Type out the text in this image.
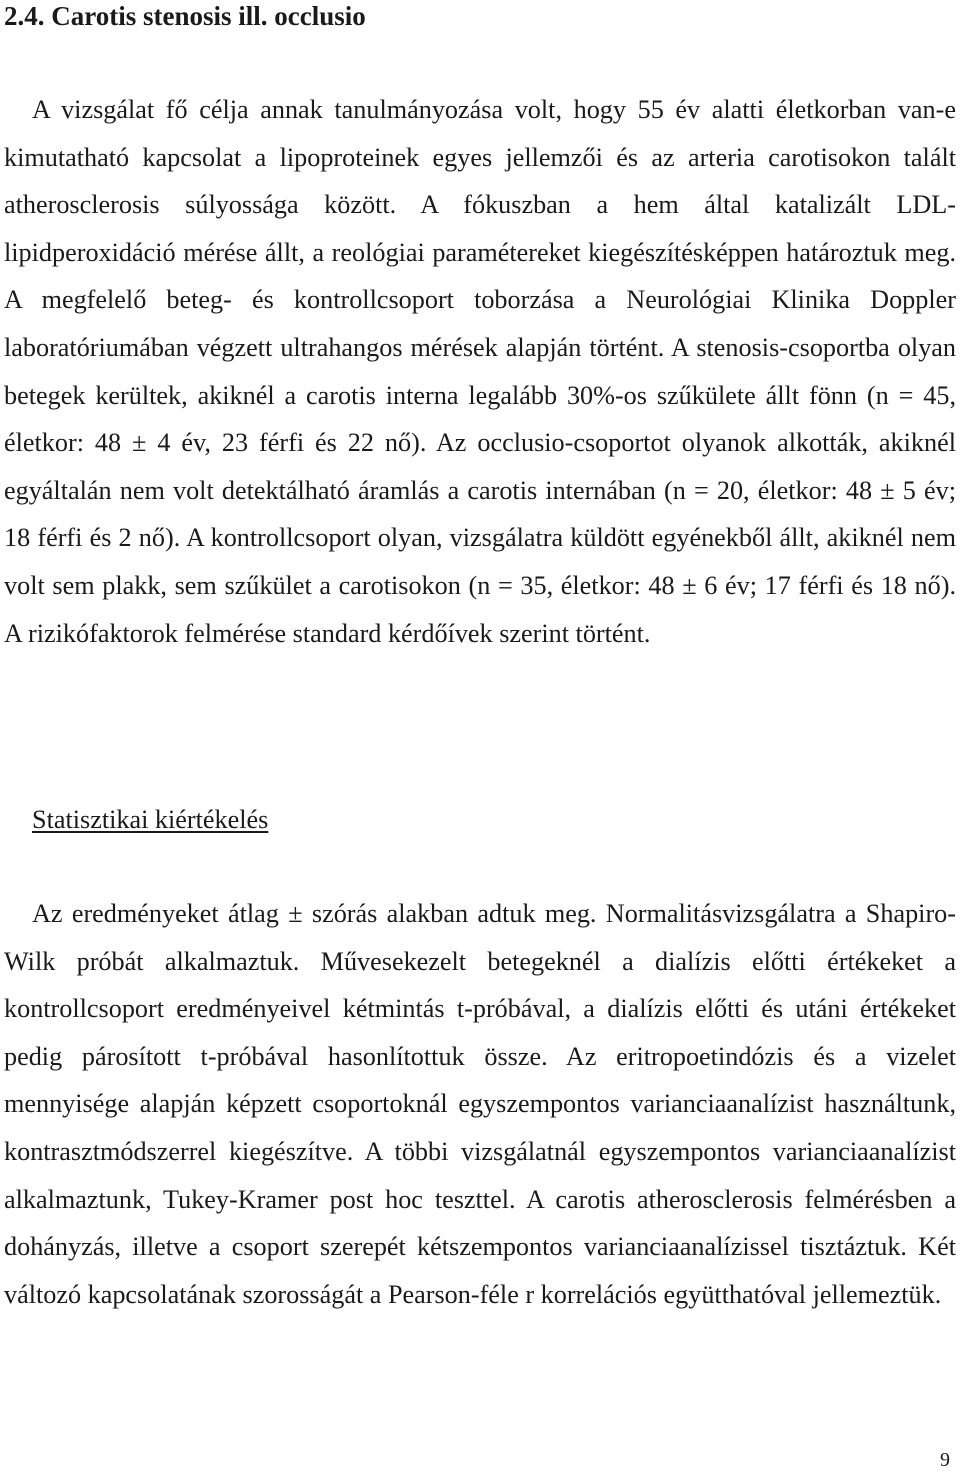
2.4. Carotis stenosis ill. occlusio

A vizsgálat fő célja annak tanulmányozása volt, hogy 55 év alatti életkorban van-e kimutatható kapcsolat a lipoproteinek egyes jellemzői és az arteria carotisokon talált atherosclerosis súlyossága között. A fókuszban a hem által katalizált LDL-lipidperoxidáció mérése állt, a reológiai paramétereket kiegészítésképpen határoztuk meg. A megfelelő beteg- és kontrollcsoport toborzása a Neurológiai Klinika Doppler laboratóriumában végzett ultrahangos mérések alapján történt. A stenosis-csoportba olyan betegek kerültek, akiknél a carotis interna legalább 30%-os szűkülete állt fönn (n = 45, életkor: 48 ± 4 év, 23 férfi és 22 nő). Az occlusio-csoportot olyanok alkották, akiknél egyáltalán nem volt detektálható áramlás a carotis internában (n = 20, életkor: 48 ± 5 év; 18 férfi és 2 nő). A kontrollcsoport olyan, vizsgálatra küldött egyénekből állt, akiknél nem volt sem plakk, sem szűkület a carotisokon (n = 35, életkor: 48 ± 6 év; 17 férfi és 18 nő). A rizikófaktorok felmérése standard kérdőívek szerint történt.

Statisztikai kiértékelés

Az eredményeket átlag ± szórás alakban adtuk meg. Normalitásvizsgálatra a Shapiro-Wilk próbát alkalmaztuk. Művesekezelt betegeknél a dialízis előtti értékeket a kontrollcsoport eredményeivel kétmintás t-próbával, a dialízis előtti és utáni értékeket pedig párosított t-próbával hasonlítottuk össze. Az eritropoetindózis és a vizelet mennyisége alapján képzett csoportoknál egyszempontos varianciaanalízist használtunk, kontrasztmódszerrel kiegészítve. A többi vizsgálatnál egyszempontos varianciaanalízist alkalmaztunk, Tukey-Kramer post hoc teszttel. A carotis atherosclerosis felmérésben a dohányzás, illetve a csoport szerepét kétszempontos varianciaanalízissel tisztáztuk. Két változó kapcsolatának szorosságát a Pearson-féle r korrelációs együtthatóval jellemeztük.

9
